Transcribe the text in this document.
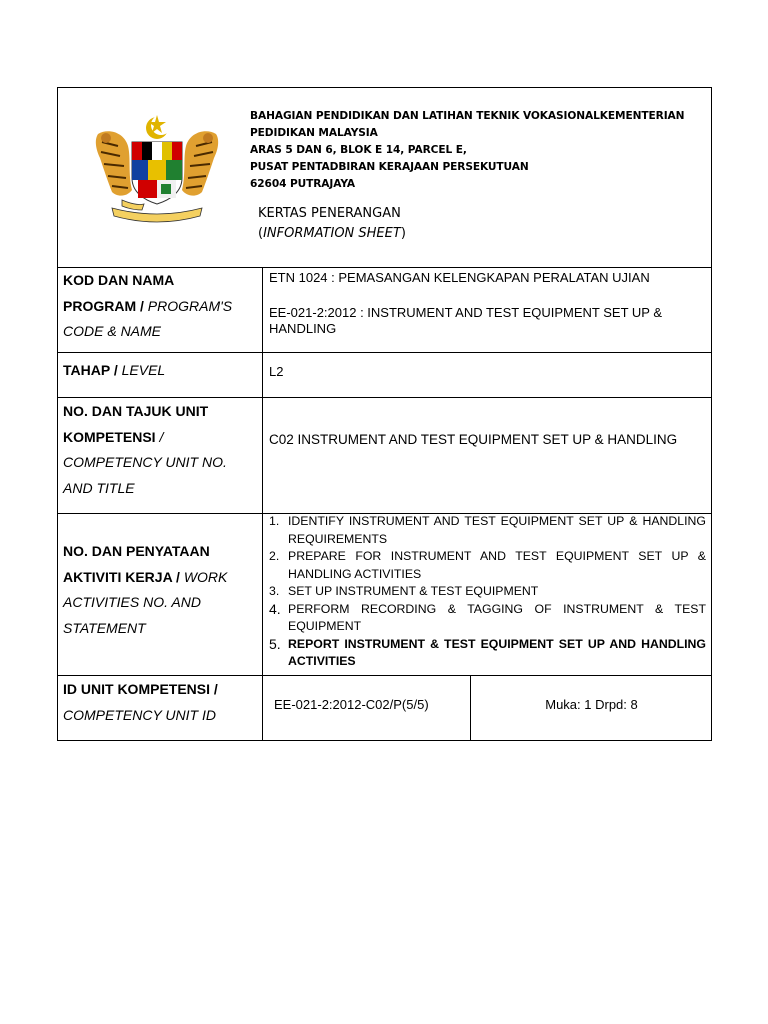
BAHAGIAN PENDIDIKAN DAN LATIHAN TEKNIK VOKASIONALKEMENTERIAN
PEDIDIKAN MALAYSIA
ARAS 5 DAN 6, BLOK E 14, PARCEL E,
PUSAT PENTADBIRAN KERAJAAN PERSEKUTUAN
62604 PUTRAJAYA
KERTAS PENERANGAN
(INFORMATION SHEET)
KOD DAN NAMA
PROGRAM / PROGRAM'S
CODE & NAME
ETN 1024 : PEMASANGAN KELENGKAPAN PERALATAN UJIAN
EE-021-2:2012 : INSTRUMENT AND TEST EQUIPMENT SET UP & HANDLING
TAHAP / LEVEL	L2
NO. DAN TAJUK UNIT
KOMPETENSI /
COMPETENCY UNIT NO.
AND TITLE
C02 INSTRUMENT AND TEST EQUIPMENT SET UP & HANDLING
NO. DAN PENYATAAN
AKTIVITI KERJA / WORK
ACTIVITIES NO. AND
STATEMENT
1. IDENTIFY INSTRUMENT AND TEST EQUIPMENT SET UP & HANDLING REQUIREMENTS
2. PREPARE FOR INSTRUMENT AND TEST EQUIPMENT SET UP & HANDLING ACTIVITIES
3. SET UP INSTRUMENT & TEST EQUIPMENT
4. PERFORM RECORDING & TAGGING OF INSTRUMENT & TEST EQUIPMENT
5. REPORT INSTRUMENT & TEST EQUIPMENT SET UP AND HANDLING ACTIVITIES
ID UNIT KOMPETENSI /
COMPETENCY UNIT ID
EE-021-2:2012-C02/P(5/5)	Muka: 1 Drpd: 8
